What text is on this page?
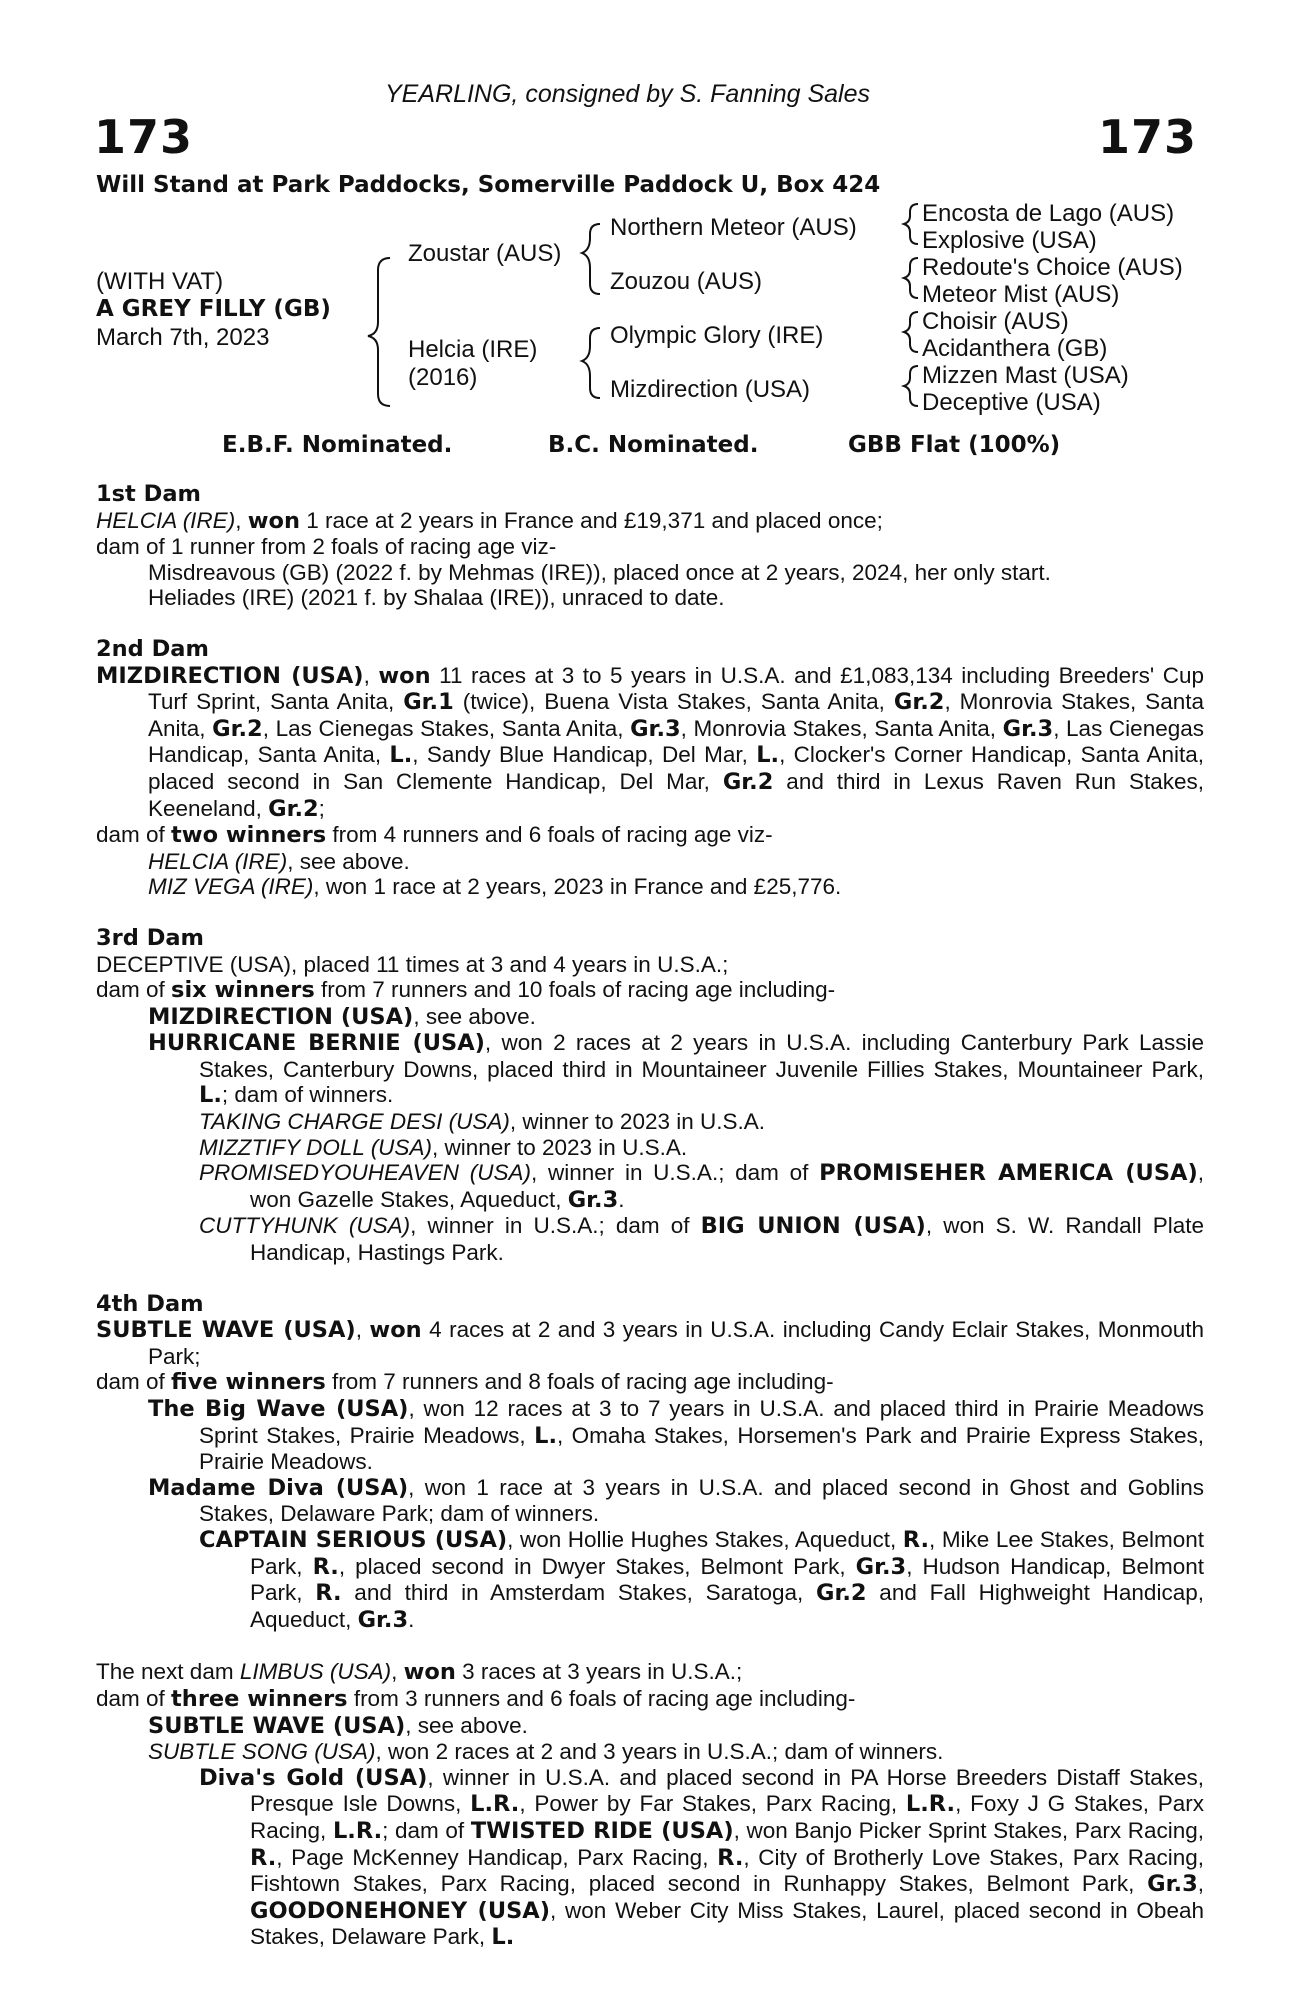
YEARLING, consigned by S. Fanning Sales
173	173
Will Stand at Park Paddocks, Somerville Paddock U, Box 424
(WITH VAT)
A GREY FILLY (GB)
March 7th, 2023
Zoustar (AUS)
Helcia (IRE)
(2016)
Northern Meteor (AUS)
Zouzou (AUS)
Olympic Glory (IRE)
Mizdirection (USA)
Encosta de Lago (AUS)
Explosive (USA)
Redoute's Choice (AUS)
Meteor Mist (AUS)
Choisir (AUS)
Acidanthera (GB)
Mizzen Mast (USA)
Deceptive (USA)
E.B.F. Nominated.	B.C. Nominated.	GBB Flat (100%)
1st Dam
HELCIA (IRE), won 1 race at 2 years in France and £19,371 and placed once;
dam of 1 runner from 2 foals of racing age viz-
Misdreavous (GB) (2022 f. by Mehmas (IRE)), placed once at 2 years, 2024, her only start.
Heliades (IRE) (2021 f. by Shalaa (IRE)), unraced to date.
2nd Dam
MIZDIRECTION (USA), won 11 races at 3 to 5 years in U.S.A. and £1,083,134 including Breeders' Cup Turf Sprint, Santa Anita, Gr.1 (twice), Buena Vista Stakes, Santa Anita, Gr.2, Monrovia Stakes, Santa Anita, Gr.2, Las Cienegas Stakes, Santa Anita, Gr.3, Monrovia Stakes, Santa Anita, Gr.3, Las Cienegas Handicap, Santa Anita, L., Sandy Blue Handicap, Del Mar, L., Clocker's Corner Handicap, Santa Anita, placed second in San Clemente Handicap, Del Mar, Gr.2 and third in Lexus Raven Run Stakes, Keeneland, Gr.2;
dam of two winners from 4 runners and 6 foals of racing age viz-
HELCIA (IRE), see above.
MIZ VEGA (IRE), won 1 race at 2 years, 2023 in France and £25,776.
3rd Dam
DECEPTIVE (USA), placed 11 times at 3 and 4 years in U.S.A.;
dam of six winners from 7 runners and 10 foals of racing age including-
MIZDIRECTION (USA), see above.
HURRICANE BERNIE (USA), won 2 races at 2 years in U.S.A. including Canterbury Park Lassie Stakes, Canterbury Downs, placed third in Mountaineer Juvenile Fillies Stakes, Mountaineer Park, L.; dam of winners.
TAKING CHARGE DESI (USA), winner to 2023 in U.S.A.
MIZZTIFY DOLL (USA), winner to 2023 in U.S.A.
PROMISEDYOUHEAVEN (USA), winner in U.S.A.; dam of PROMISEHER AMERICA (USA), won Gazelle Stakes, Aqueduct, Gr.3.
CUTTYHUNK (USA), winner in U.S.A.; dam of BIG UNION (USA), won S. W. Randall Plate Handicap, Hastings Park.
4th Dam
SUBTLE WAVE (USA), won 4 races at 2 and 3 years in U.S.A. including Candy Eclair Stakes, Monmouth Park;
dam of five winners from 7 runners and 8 foals of racing age including-
The Big Wave (USA), won 12 races at 3 to 7 years in U.S.A. and placed third in Prairie Meadows Sprint Stakes, Prairie Meadows, L., Omaha Stakes, Horsemen's Park and Prairie Express Stakes, Prairie Meadows.
Madame Diva (USA), won 1 race at 3 years in U.S.A. and placed second in Ghost and Goblins Stakes, Delaware Park; dam of winners.
CAPTAIN SERIOUS (USA), won Hollie Hughes Stakes, Aqueduct, R., Mike Lee Stakes, Belmont Park, R., placed second in Dwyer Stakes, Belmont Park, Gr.3, Hudson Handicap, Belmont Park, R. and third in Amsterdam Stakes, Saratoga, Gr.2 and Fall Highweight Handicap, Aqueduct, Gr.3.
The next dam LIMBUS (USA), won 3 races at 3 years in U.S.A.;
dam of three winners from 3 runners and 6 foals of racing age including-
SUBTLE WAVE (USA), see above.
SUBTLE SONG (USA), won 2 races at 2 and 3 years in U.S.A.; dam of winners.
Diva's Gold (USA), winner in U.S.A. and placed second in PA Horse Breeders Distaff Stakes, Presque Isle Downs, L.R., Power by Far Stakes, Parx Racing, L.R., Foxy J G Stakes, Parx Racing, L.R.; dam of TWISTED RIDE (USA), won Banjo Picker Sprint Stakes, Parx Racing, R., Page McKenney Handicap, Parx Racing, R., City of Brotherly Love Stakes, Parx Racing, Fishtown Stakes, Parx Racing, placed second in Runhappy Stakes, Belmont Park, Gr.3, GOODONEHONEY (USA), won Weber City Miss Stakes, Laurel, placed second in Obeah Stakes, Delaware Park, L.
